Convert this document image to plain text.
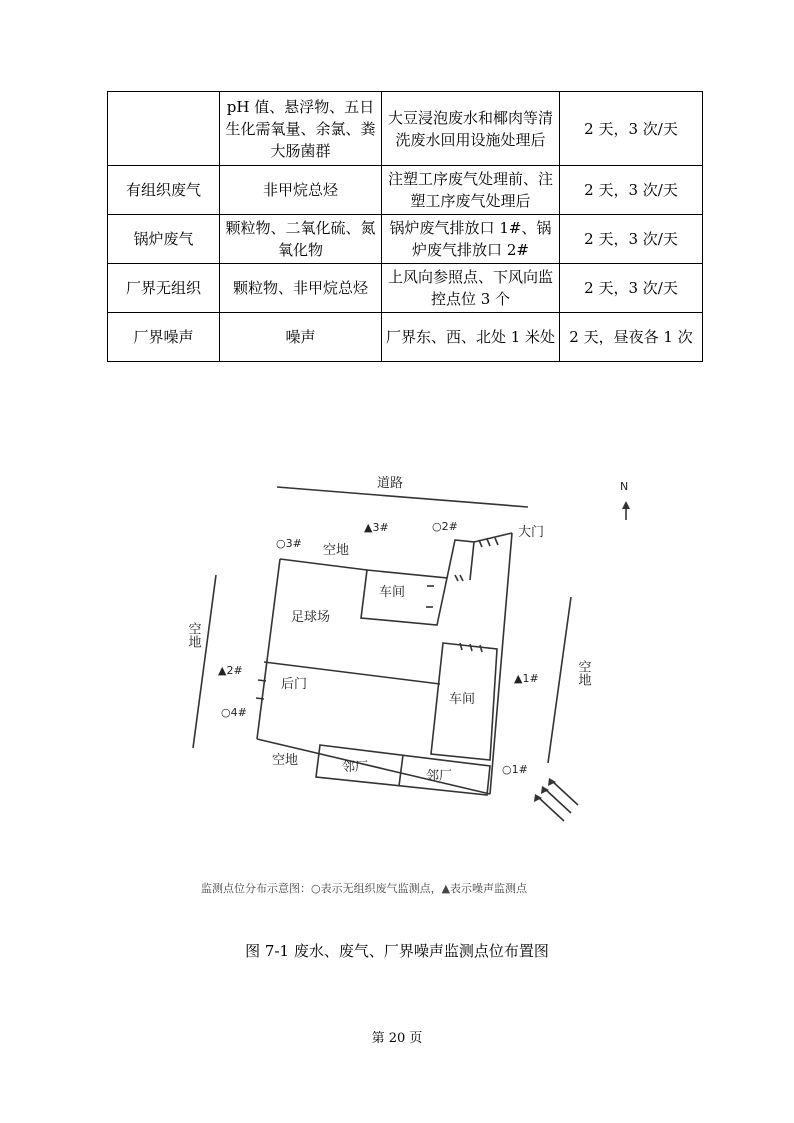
	pH 值、悬浮物、五日生化需氧量、余氯、粪大肠菌群	大豆浸泡废水和椰肉等清洗废水回用设施处理后	2 天，3 次/天
有组织废气	非甲烷总烃	注塑工序废气处理前、注塑工序废气处理后	2 天，3 次/天
锅炉废气	颗粒物、二氧化硫、氮氧化物	锅炉废气排放口 1#、锅炉废气排放口 2#	2 天，3 次/天
厂界无组织	颗粒物、非甲烷总烃	上风向参照点、下风向监控点位 3 个	2 天，3 次/天
厂界噪声	噪声	厂界东、西、北处 1 米处	2 天，昼夜各 1 次
道路	N
大门
空地
车间
足球场
车间
后门
空地	邻厂
邻厂
空地
空地
○2#
○3#
○4#
○1#
▲3#
▲2#
▲1#
监测点位分布示意图：○表示无组织废气监测点，▲表示噪声监测点
图 7-1 废水、废气、厂界噪声监测点位布置图
第 20 页
